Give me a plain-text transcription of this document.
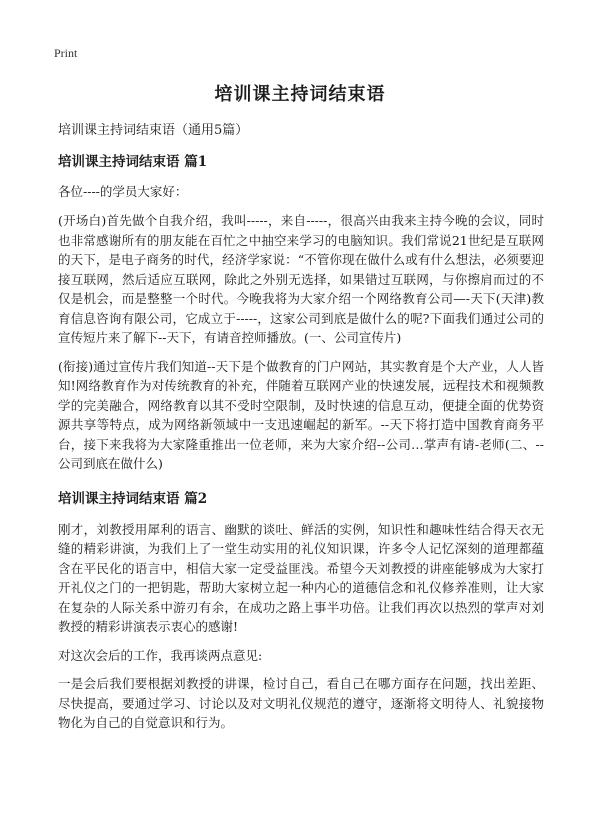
Print
培训课主持词结束语

培训课主持词结束语（通用5篇）

培训课主持词结束语 篇1

各位----的学员大家好：

(开场白)首先做个自我介绍，我叫-----，来自-----，很高兴由我来主持今晚的会议，同时也非常感谢所有的朋友能在百忙之中抽空来学习的电脑知识。我们常说21世纪是互联网的天下，是电子商务的时代，经济学家说：“不管你现在做什么或有什么想法，必须要迎接互联网，然后适应互联网，除此之外别无选择，如果错过互联网，与你擦肩而过的不仅是机会，而是整整一个时代。今晚我将为大家介绍一个网络教育公司—-天下(天津)教育信息咨询有限公司，它成立于-----，这家公司到底是做什么的呢?下面我们通过公司的宣传短片来了解下--天下，有请音控师播放。(一、公司宣传片)

(衔接)通过宣传片我们知道--天下是个做教育的门户网站，其实教育是个大产业，人人皆知!网络教育作为对传统教育的补充，伴随着互联网产业的快速发展，远程技术和视频教学的完美融合，网络教育以其不受时空限制，及时快速的信息互动，便捷全面的优势资源共享等特点，成为网络新领域中一支迅速崛起的新军。--天下将打造中国教育商务平台，接下来我将为大家隆重推出一位老师，来为大家介绍--公司…掌声有请-老师(二、--公司到底在做什么)

培训课主持词结束语 篇2

刚才，刘教授用犀利的语言、幽默的谈吐、鲜活的实例，知识性和趣味性结合得天衣无缝的精彩讲演，为我们上了一堂生动实用的礼仪知识课，许多令人记忆深刻的道理都蕴含在平民化的语言中，相信大家一定受益匪浅。希望今天刘教授的讲座能够成为大家打开礼仪之门的一把钥匙，帮助大家树立起一种内心的道德信念和礼仪修养准则，让大家在复杂的人际关系中游刃有余，在成功之路上事半功倍。让我们再次以热烈的掌声对刘教授的精彩讲演表示衷心的感谢!

对这次会后的工作，我再谈两点意见:

一是会后我们要根据刘教授的讲课，检讨自己，看自己在哪方面存在问题，找出差距、尽快提高，要通过学习、讨论以及对文明礼仪规范的遵守，逐渐将文明待人、礼貌接物物化为自己的自觉意识和行为。
